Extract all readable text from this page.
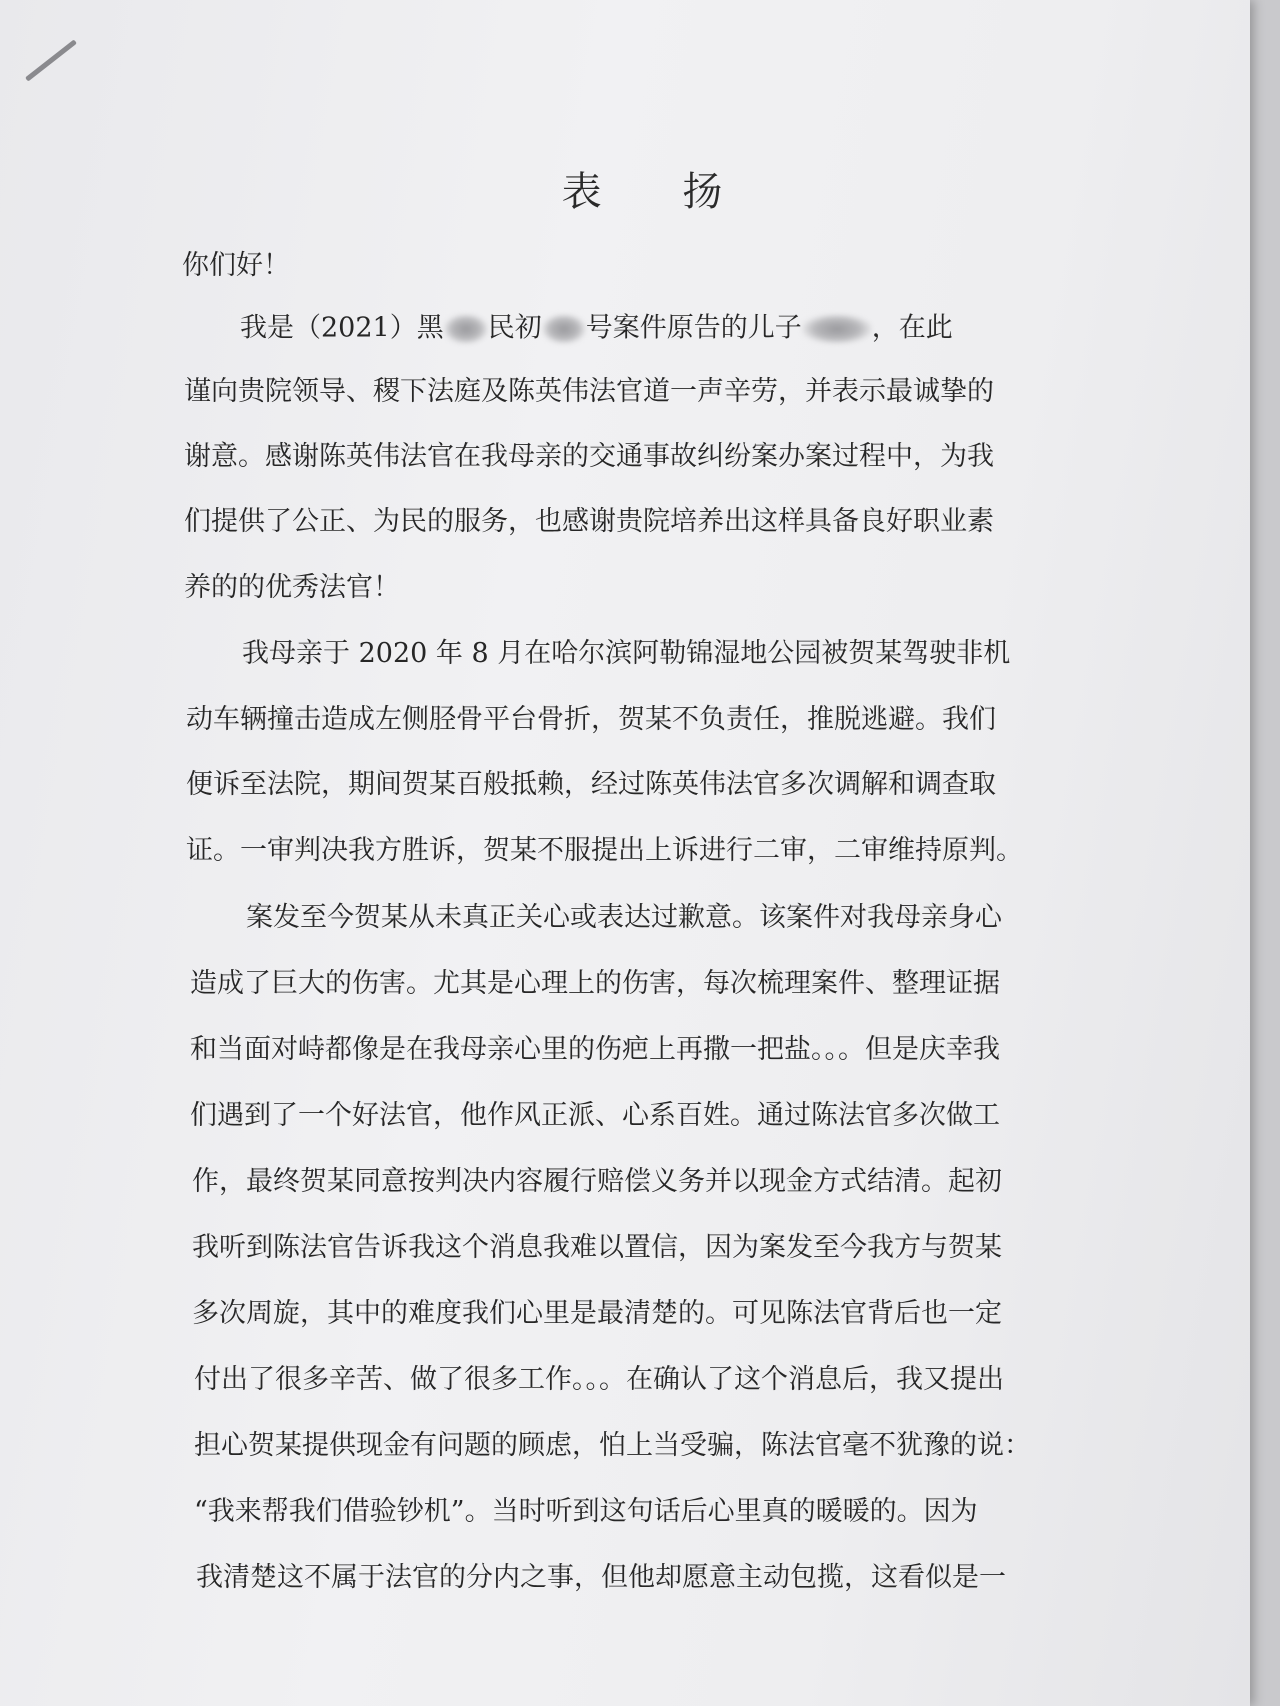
表 扬
你们好！
我是（2021）黑 民初 号案件原告的儿子	，在此
谨向贵院领导、稷下法庭及陈英伟法官道一声辛劳，并表示最诚挚的
谢意。感谢陈英伟法官在我母亲的交通事故纠纷案办案过程中，为我
们提供了公正、为民的服务，也感谢贵院培养出这样具备良好职业素
养的的优秀法官！
我母亲于 2020 年 8 月在哈尔滨阿勒锦湿地公园被贺某驾驶非机
动车辆撞击造成左侧胫骨平台骨折，贺某不负责任，推脱逃避。我们
便诉至法院，期间贺某百般抵赖，经过陈英伟法官多次调解和调查取
证。一审判决我方胜诉，贺某不服提出上诉进行二审，二审维持原判。
案发至今贺某从未真正关心或表达过歉意。该案件对我母亲身心
造成了巨大的伤害。尤其是心理上的伤害，每次梳理案件、整理证据
和当面对峙都像是在我母亲心里的伤疤上再撒一把盐。。。但是庆幸我
们遇到了一个好法官，他作风正派、心系百姓。通过陈法官多次做工
作，最终贺某同意按判决内容履行赔偿义务并以现金方式结清。起初
我听到陈法官告诉我这个消息我难以置信，因为案发至今我方与贺某
多次周旋，其中的难度我们心里是最清楚的。可见陈法官背后也一定
付出了很多辛苦、做了很多工作。。。在确认了这个消息后，我又提出
担心贺某提供现金有问题的顾虑，怕上当受骗，陈法官毫不犹豫的说：
“我来帮我们借验钞机”。当时听到这句话后心里真的暖暖的。因为
我清楚这不属于法官的分内之事，但他却愿意主动包揽，这看似是一
